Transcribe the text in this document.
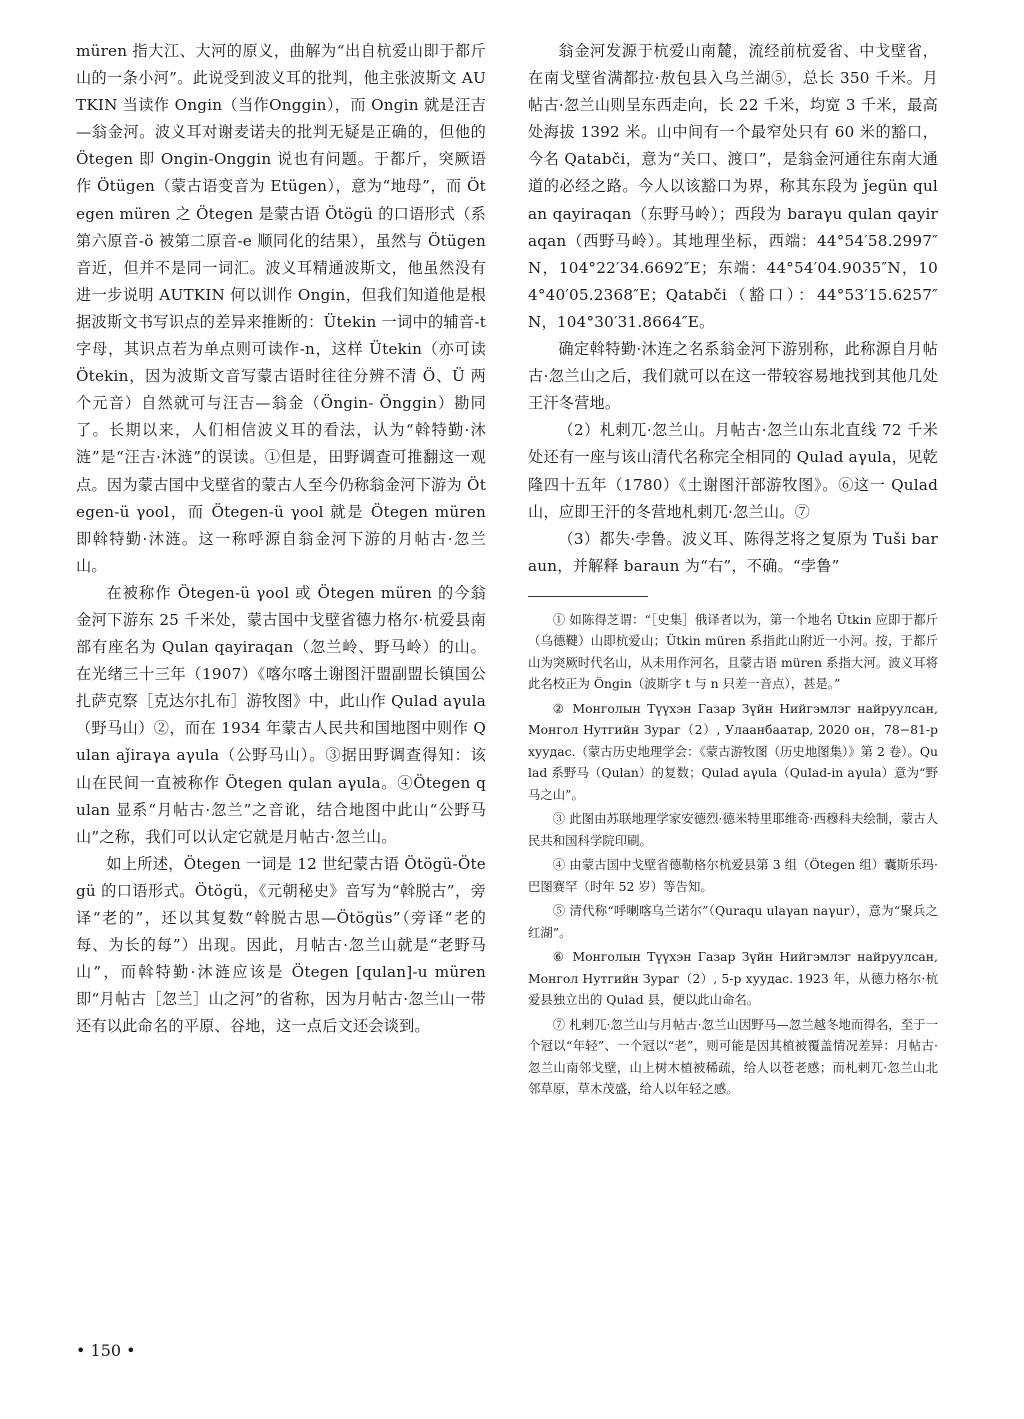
müren 指大江、大河的原义，曲解为“出自杭爱山即于都斤山的一条小河”。此说受到波义耳的批判，他主张波斯文 AUTKIN 当读作 Ongin（当作Onggin），而 Ongin 就是汪吉—翁金河。波义耳对谢麦诺夫的批判无疑是正确的，但他的 Ötegen 即 Ongin-Onggin 说也有问题。于都斤，突厥语作 Ötügen（蒙古语变音为 Etügen），意为“地母”，而 Ötegen müren 之 Ötegen 是蒙古语 Ötögü 的口语形式（系第六原音-ö 被第二原音-e 顺同化的结果），虽然与 Ötügen 音近，但并不是同一词汇。波义耳精通波斯文，他虽然没有进一步说明 AUTKIN 何以训作 Ongin，但我们知道他是根据波斯文书写识点的差异来推断的：Ütekin 一词中的辅音-t 字母，其识点若为单点则可读作-n，这样 Ütekin（亦可读 Ötekin，因为波斯文音写蒙古语时往往分辨不清 Ö、Ü 两个元音）自然就可与汪吉—翁金（Öngin- Önggin）勘同了。长期以来，人们相信波义耳的看法，认为“斡特勤·沐涟”是“汪吉·沐涟”的误读。①但是，田野调查可推翻这一观点。因为蒙古国中戈壁省的蒙古人至今仍称翁金河下游为 Ötegen-ü γool，而 Ötegen-ü γool 就是 Ötegen müren 即斡特勤·沐涟。这一称呼源自翁金河下游的月帖古·忽兰山。

在被称作 Ötegen-ü γool 或 Ötegen müren 的今翁金河下游东 25 千米处，蒙古国中戈壁省德力格尔·杭爱县南部有座名为 Qulan qayiraqan（忽兰岭、野马岭）的山。在光绪三十三年（1907）《喀尔喀土谢图汗盟副盟长镇国公扎萨克察［克达尔扎布］游牧图》中，此山作 Qulad aγula（野马山）②，而在 1934 年蒙古人民共和国地图中则作 Qulan aǰiraγa aγula（公野马山）。③据田野调查得知：该山在民间一直被称作 Ötegen qulan aγula。④Ötegen qulan 显系“月帖古·忽兰”之音讹，结合地图中此山“公野马山”之称，我们可以认定它就是月帖古·忽兰山。

如上所述，Ötegen 一词是 12 世纪蒙古语 Ötögü-Ötegü 的口语形式。Ötögü，《元朝秘史》音写为“斡脱古”，旁译“老的”，还以其复数“斡脱古思—Ötögüs”（旁译“老的每、为长的每”）出现。因此，月帖古·忽兰山就是“老野马山”，而斡特勤·沐涟应该是 Ötegen [qulan]-u müren 即“月帖古［忽兰］山之河”的省称，因为月帖古·忽兰山一带还有以此命名的平原、谷地，这一点后文还会谈到。

翁金河发源于杭爱山南麓，流经前杭爱省、中戈壁省，在南戈壁省满都拉·敖包县入乌兰湖⑤，总长 350 千米。月帖古·忽兰山则呈东西走向，长 22 千米，均宽 3 千米，最高处海拔 1392 米。山中间有一个最窄处只有 60 米的豁口，今名 Qatabči，意为“关口、渡口”，是翁金河通往东南大通道的必经之路。今人以该豁口为界，称其东段为 ǰegün qulan qayiraqan（东野马岭）；西段为 baraγu qulan qayiraqan（西野马岭）。其地理坐标，西端：44°54′58.2997″N，104°22′34.6692″E；东端：44°54′04.9035″N，104°40′05.2368″E；Qatabči（豁口）：44°53′15.6257″N，104°30′31.8664″E。

确定斡特勤·沐连之名系翁金河下游别称，此称源自月帖古·忽兰山之后，我们就可以在这一带较容易地找到其他几处王汗冬营地。

（2）札剌兀·忽兰山。月帖古·忽兰山东北直线 72 千米处还有一座与该山清代名称完全相同的 Qulad aγula，见乾隆四十五年（1780）《土谢图汗部游牧图》。⑥这一 Qulad 山，应即王汗的冬营地札剌兀·忽兰山。⑦

（3）都失·孛鲁。波义耳、陈得芝将之复原为 Tuši baraun，并解释 baraun 为“右”，不确。“孛鲁”

① 如陈得芝谓：“［史集］俄译者以为，第一个地名 Ütkin 应即于都斤（乌德鞬）山即杭爱山；Ütkin müren 系指此山附近一小河。按，于都斤山为突厥时代名山，从未用作河名，且蒙古语 müren 系指大河。波义耳将此名校正为 Öngin（波斯字 t 与 n 只差一音点），甚是。”

② Монголын Түүхэн Газар Зүйн Нийгэмлэг найруулсан, Монгол Нутгийн Зураг（2）, Улаанбаатар, 2020 он，78−81-р хуудас.（蒙古历史地理学会：《蒙古游牧图（历史地图集）》第 2 卷）。Qulad 系野马（Qulan）的复数；Qulad aγula（Qulad-in aγula）意为“野马之山”。

③ 此图由苏联地理学家安德烈·德米特里耶维奇·西穆科夫绘制，蒙古人民共和国科学院印刷。

④ 由蒙古国中戈壁省德勒格尔杭爱县第 3 组（Ötegen 组）囊斯乐玛·巴图赛罕（时年 52 岁）等告知。

⑤ 清代称“呼喇喀乌兰诺尔”（Quraqu ulaγan naγur），意为“聚兵之红湖”。

⑥ Монголын Түүхэн Газар Зүйн Нийгэмлэг найруулсан, Монгол Нутгийн Зураг（2）, 5-р хуудас. 1923 年，从德力格尔·杭爱县独立出的 Qulad 县，便以此山命名。

⑦ 札剌兀·忽兰山与月帖古·忽兰山因野马—忽兰越冬地而得名，至于一个冠以“年轻”、一个冠以“老”，则可能是因其植被覆盖情况差异：月帖古·忽兰山南邻戈壁，山上树木植被稀疏，给人以苍老感；而札剌兀·忽兰山北邻草原，草木茂盛，给人以年轻之感。

• 150 •
